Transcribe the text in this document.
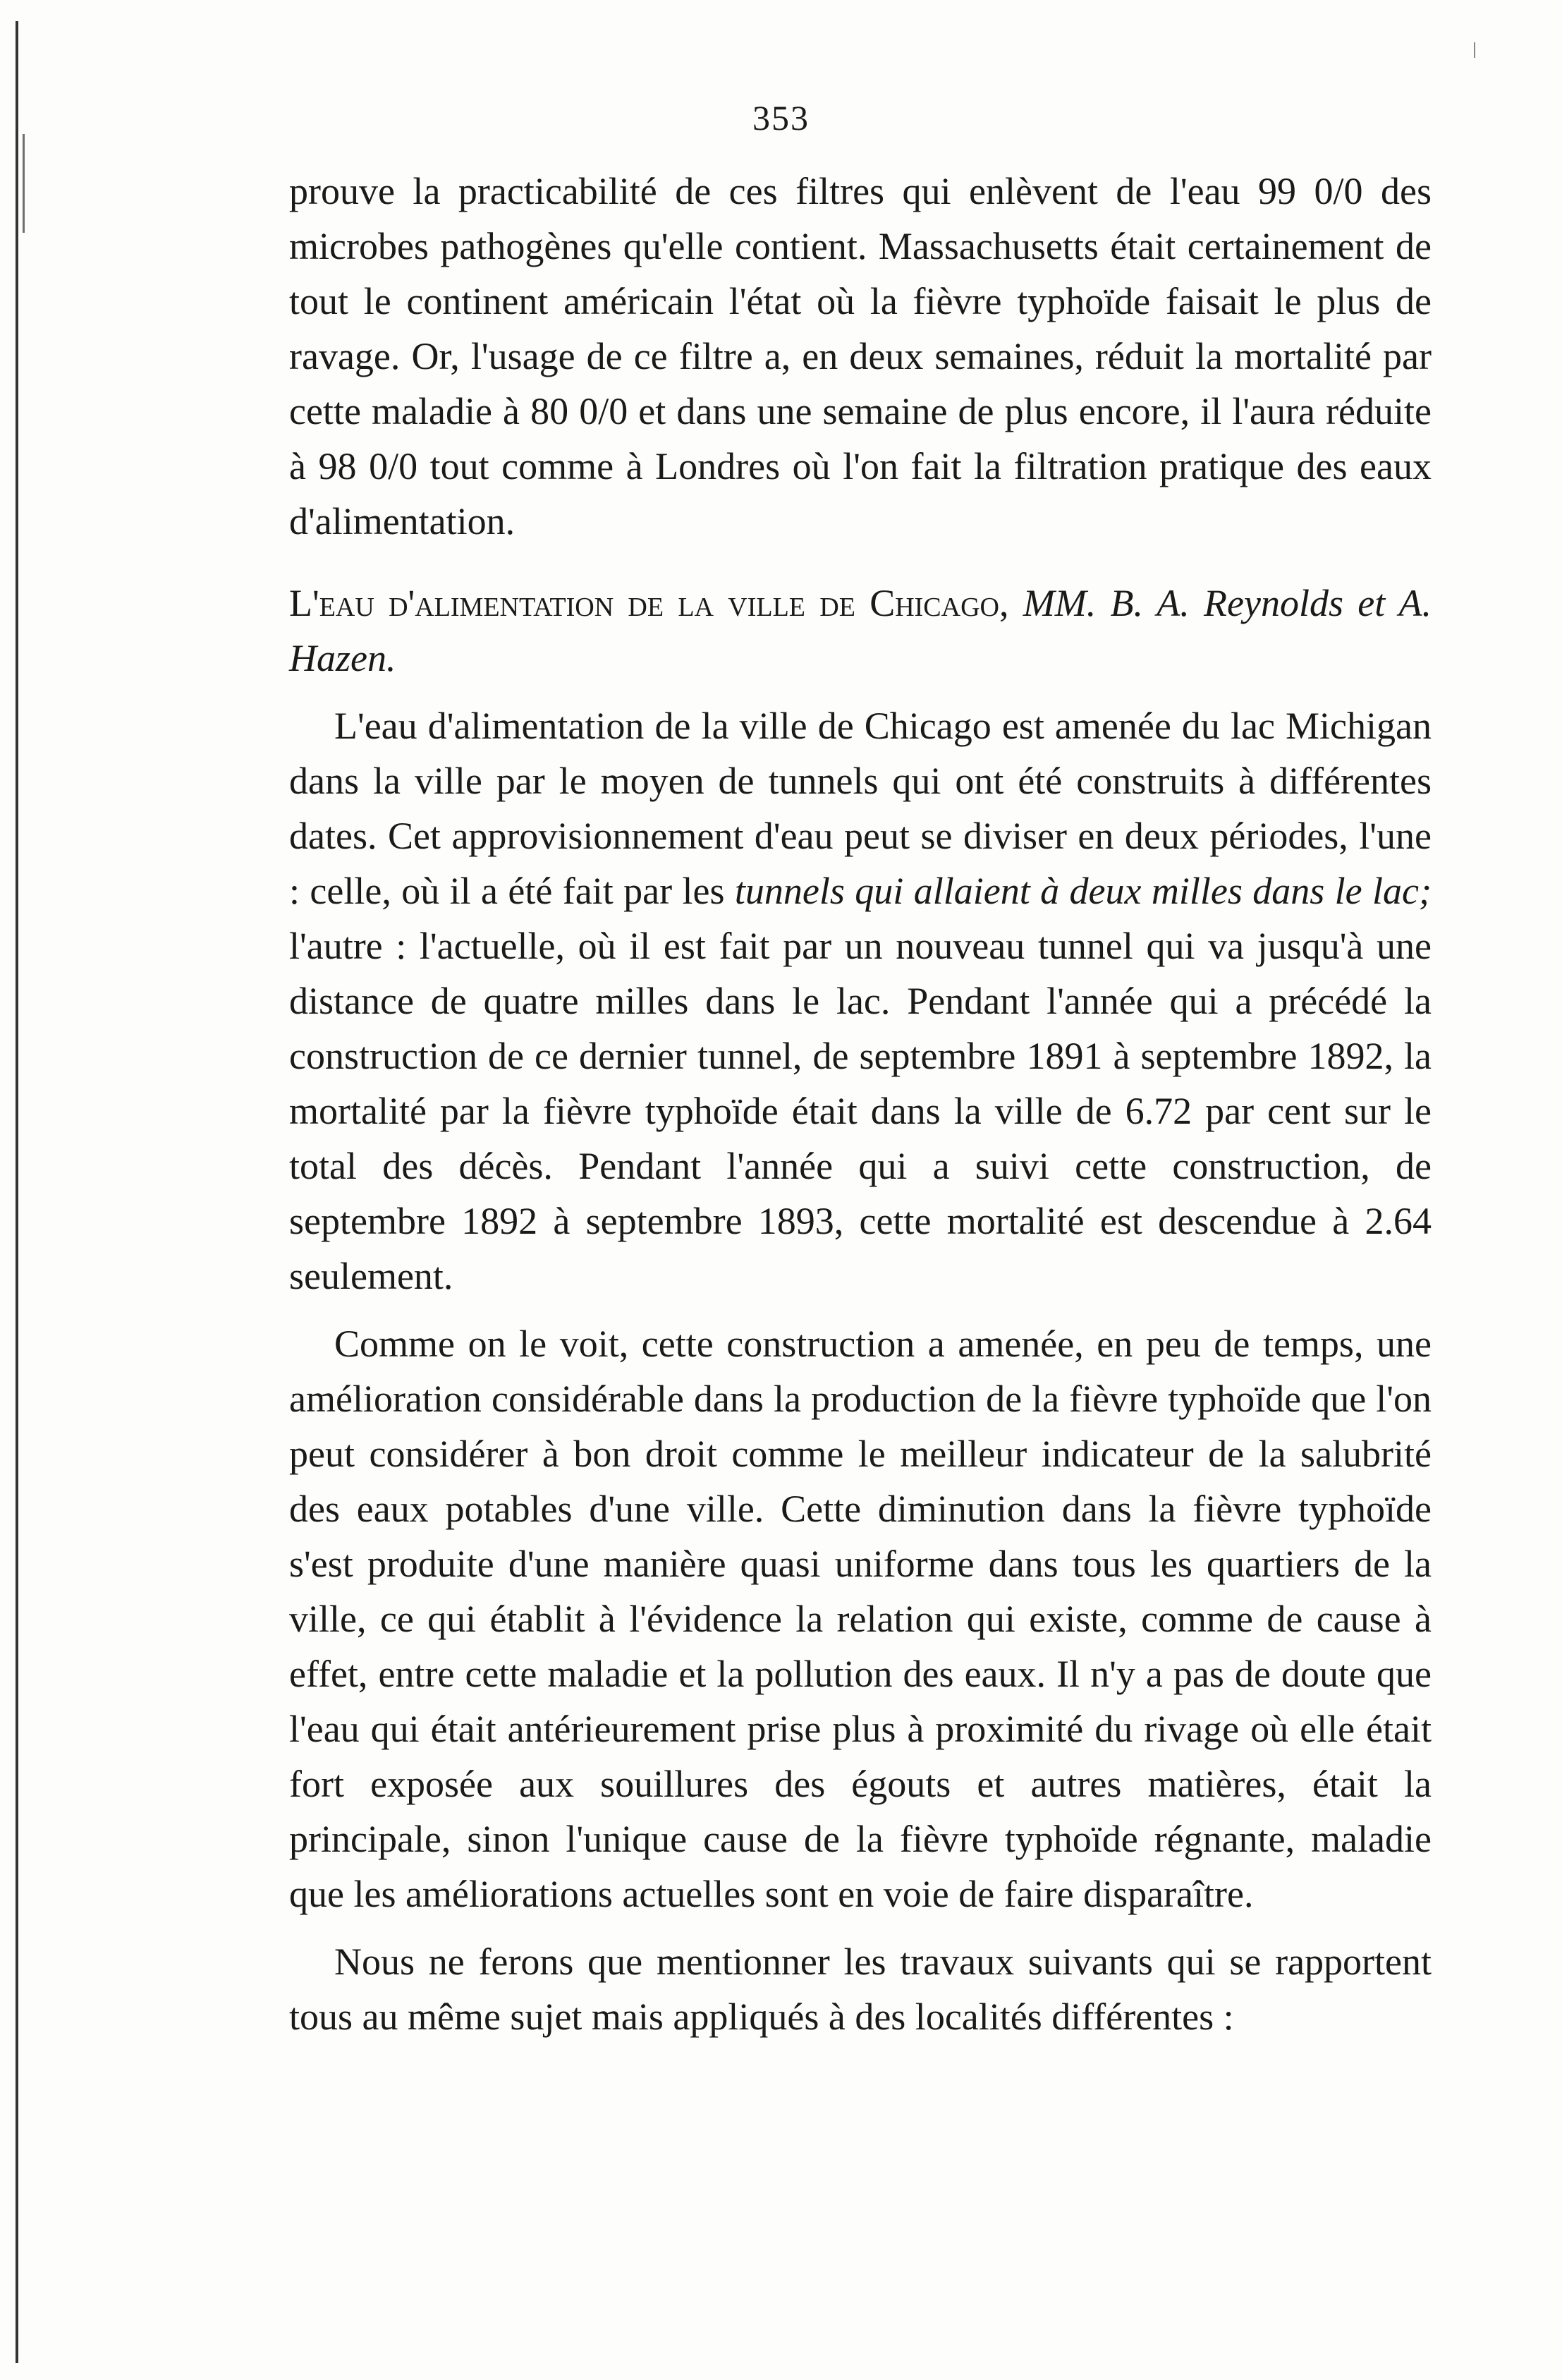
353

prouve la practicabilité de ces filtres qui enlèvent de l'eau 99 0/0 des microbes pathogènes qu'elle contient. Massachusetts était certainement de tout le continent américain l'état où la fièvre typhoïde faisait le plus de ravage. Or, l'usage de ce filtre a, en deux semaines, réduit la mortalité par cette maladie à 80 0/0 et dans une semaine de plus encore, il l'aura réduite à 98 0/0 tout comme à Londres où l'on fait la filtration pratique des eaux d'alimentation.

L'eau d'alimentation de la ville de Chicago, MM. B. A. Reynolds et A. Hazen.

L'eau d'alimentation de la ville de Chicago est amenée du lac Michigan dans la ville par le moyen de tunnels qui ont été construits à différentes dates. Cet approvisionnement d'eau peut se diviser en deux périodes, l'une : celle, où il a été fait par les tunnels qui allaient à deux milles dans le lac; l'autre : l'actuelle, où il est fait par un nouveau tunnel qui va jusqu'à une distance de quatre milles dans le lac. Pendant l'année qui a précédé la construction de ce dernier tunnel, de septembre 1891 à septembre 1892, la mortalité par la fièvre typhoïde était dans la ville de 6.72 par cent sur le total des décès. Pendant l'année qui a suivi cette construction, de septembre 1892 à septembre 1893, cette mortalité est descendue à 2.64 seulement.

Comme on le voit, cette construction a amenée, en peu de temps, une amélioration considérable dans la production de la fièvre typhoïde que l'on peut considérer à bon droit comme le meilleur indicateur de la salubrité des eaux potables d'une ville. Cette diminution dans la fièvre typhoïde s'est produite d'une manière quasi uniforme dans tous les quartiers de la ville, ce qui établit à l'évidence la relation qui existe, comme de cause à effet, entre cette maladie et la pollution des eaux. Il n'y a pas de doute que l'eau qui était antérieurement prise plus à proximité du rivage où elle était fort exposée aux souillures des égouts et autres matières, était la principale, sinon l'unique cause de la fièvre typhoïde régnante, maladie que les améliorations actuelles sont en voie de faire disparaître.

Nous ne ferons que mentionner les travaux suivants qui se rapportent tous au même sujet mais appliqués à des localités différentes :
